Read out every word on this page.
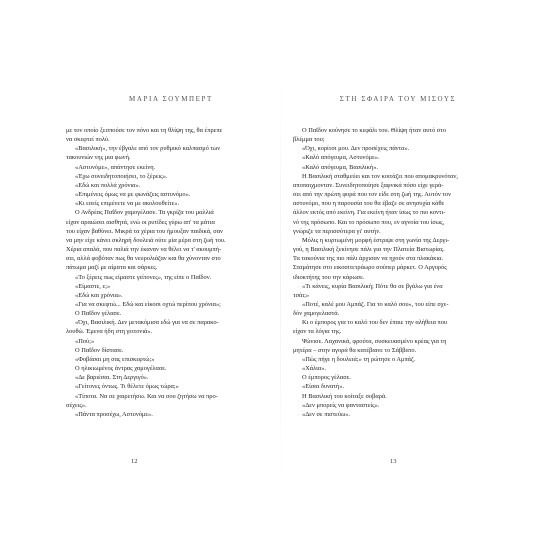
ΜΑΡΙΑ ΣΟΥΜΠΕΡΤ
με τον οποίο ξεσπούσε τον πόνο και τη θλίψη της, θα έπρεπε
να σκεφτεί πολύ.
«Βασιλική», την έβγαλε από τον ρυθμικό καλπασμό των
τακουνιών της μια φωνή.
«Αστυνόμε», απάντησε εκείνη.
«Έχω συνειδητοποιήσει, το ξέρεις».
«Εδώ και πολλά χρόνια».
«Επιμένεις όμως να με φωνάζεις αστυνόμο».
«Κι εσείς επιμένετε να με ακολουθείτε».
Ο Ανδρέας Παΐδον χαμογέλασε. Τα γκρίζα του μαλλιά
είχαν αραιώσει αισθητά, ενώ οι ρυτίδες γύρω απ' τα μάτια
του είχαν βαθύνει. Μικρά τα χέρια του ήμουξαν παιδικά, σαν
να μην είχε κάνει σκληρή δουλειά ούτε μία μέρα στη ζωή του.
Χέρια απαλά, που παλιά την έκαναν να θέλει να τ' ακουμπή-
σει, αλλά φοβόταν πως θα νευρολιάζαν και θα χύνονταν στο
πάτωμα μαζί με αίματα και σάρκες.
«Το ξέρεις πως είμαστε γείτονες», της είπε ο Παΐδον.
«Είμαστε, ε;»
«Εδώ και χρόνια».
«Για να σκεφτώ... Εδώ και είκοσι οχτώ περίπου χρόνια»;
Ο Παΐδον γέλασε.
«Όχι, Βασιλική. Δεν μετακόμισα εδώ για να σε παρακο-
λουθώ. Έμενα ήδη στη γειτονιά».
«Πού;»
Ο Παΐδον δίστασε.
«Φοβάσαι μη σας επισκεφτώ;»
Ο ηλικιωμένος άντρας χαμογέλασε.
«Δε βαριέσαι. Στη Δεργιγό».
«Γείτονες όντως. Τι θέλετε όμως τώρα;»
«Τίποτα. Να σε χαιρετήσω. Και να σου ζητήσω να προ-
σέχεις».
«Πάντα προσέχω, Αστυνόμε».
ΣΤΗ ΣΦΑΙΡΑ ΤΟΥ ΜΙΣΟΥΣ
Ο Παΐδον κούνησε το κεφάλι του. Θλίψη ήταν αυτό στο
βλέμμα του;
«Όχι, κορίτσι μου. Δεν προσέχεις πάντα».
«Καλό απόγευμα, Αστυνόμε».
«Καλό απόγευμα, Βασιλική».
Η Βασιλική σταθμεύει και τον κοιτάζει που απομακρυνόταν,
αποπαιχμονταν. Συνειδητοποίησε ξαφνικά πόσο είχε γερά-
σει από την πρώτη φορά που τον είδε στη ζωή της. Αυτόν τον
αστυνόμο, που η παρουσία του θα έβαζε σε ανησυχία κάθε
άλλον εκτός από εκείνη. Για εκείνη ήταν ίσως το πιο κοντι-
νό της πρόσωπο. Και το πρόσωπο που, εν αγνοία του ίσως,
γνώριζε τα περισσότερα γι' αυτήν.
Μόλις η κυρτωμένη μορφή έστριψε στη γωνία της Δεργι-
γού, η Βασιλική ξεκίνησε πάλι για την Πλατεία Βιστωρίας.
Τα τακούνια της πιο πάλι άρχισαν να ηχούν στα πλακάκια.
Σταμάτησε στο εικοσιτετράωρο σούπερ μάρκετ. Ο Αργυρός
ιδιοκτήτης του την κάρωσε.
«Τι κάνεις, κυρία Βασιλική; Πότε θα σε βγάλω για ένα
τσάι;»
«Ποτέ, καλέ μου Αμπάζ. Για το καλό σου», του είπε σχε-
δόν χαμογελαστά.
Κι ο έμπορος για το καλό του δεν έπαιε την αλήθεια που
είχαν τα λόγια της.
Ψώνισε. Λαχανικά, φρούτα, συσκευασμένο κρέας για τη
μητέρα – στην αγορά θα κατέβαινε το Σάββατο.
«Πώς πήγε η δουλειά;» τη ρώτησε ο Αμπάζ.
«Χάλια».
Ο έμπορος γέλασε.
«Είσαι δυνατή».
Η Βασιλική του κοίταξε σοβαρά.
«Δεν μπορείς να φανταστείς».
«Δεν σε πιστεύω».
12	13
